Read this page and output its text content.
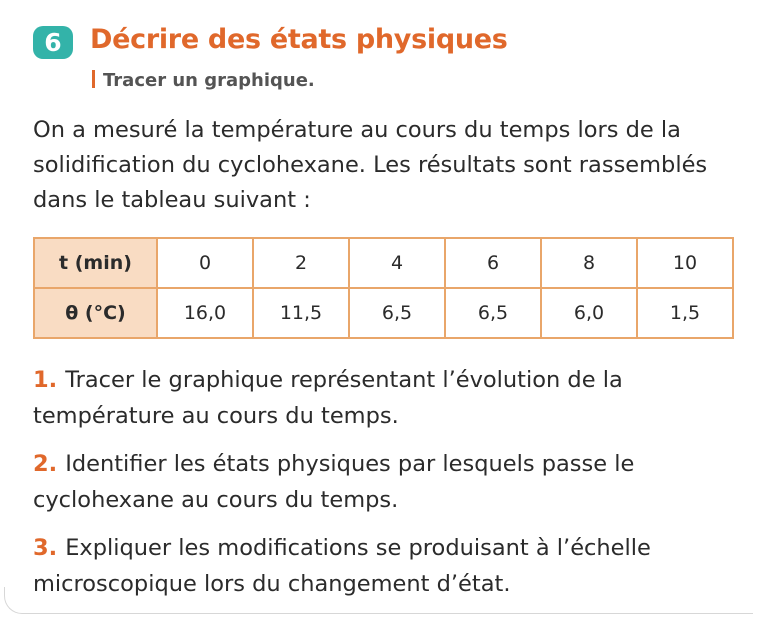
6	Décrire des états physiques
Tracer un graphique.
On a mesuré la température au cours du temps lors de la solidification du cyclohexane. Les résultats sont rassemblés dans le tableau suivant :
t (min)	0	2	4	6	8	10
θ (°C)	16,0	11,5	6,5	6,5	6,0	1,5
1. Tracer le graphique représentant l’évolution de la température au cours du temps.
2. Identifier les états physiques par lesquels passe le cyclohexane au cours du temps.
3. Expliquer les modifications se produisant à l’échelle microscopique lors du changement d’état.
